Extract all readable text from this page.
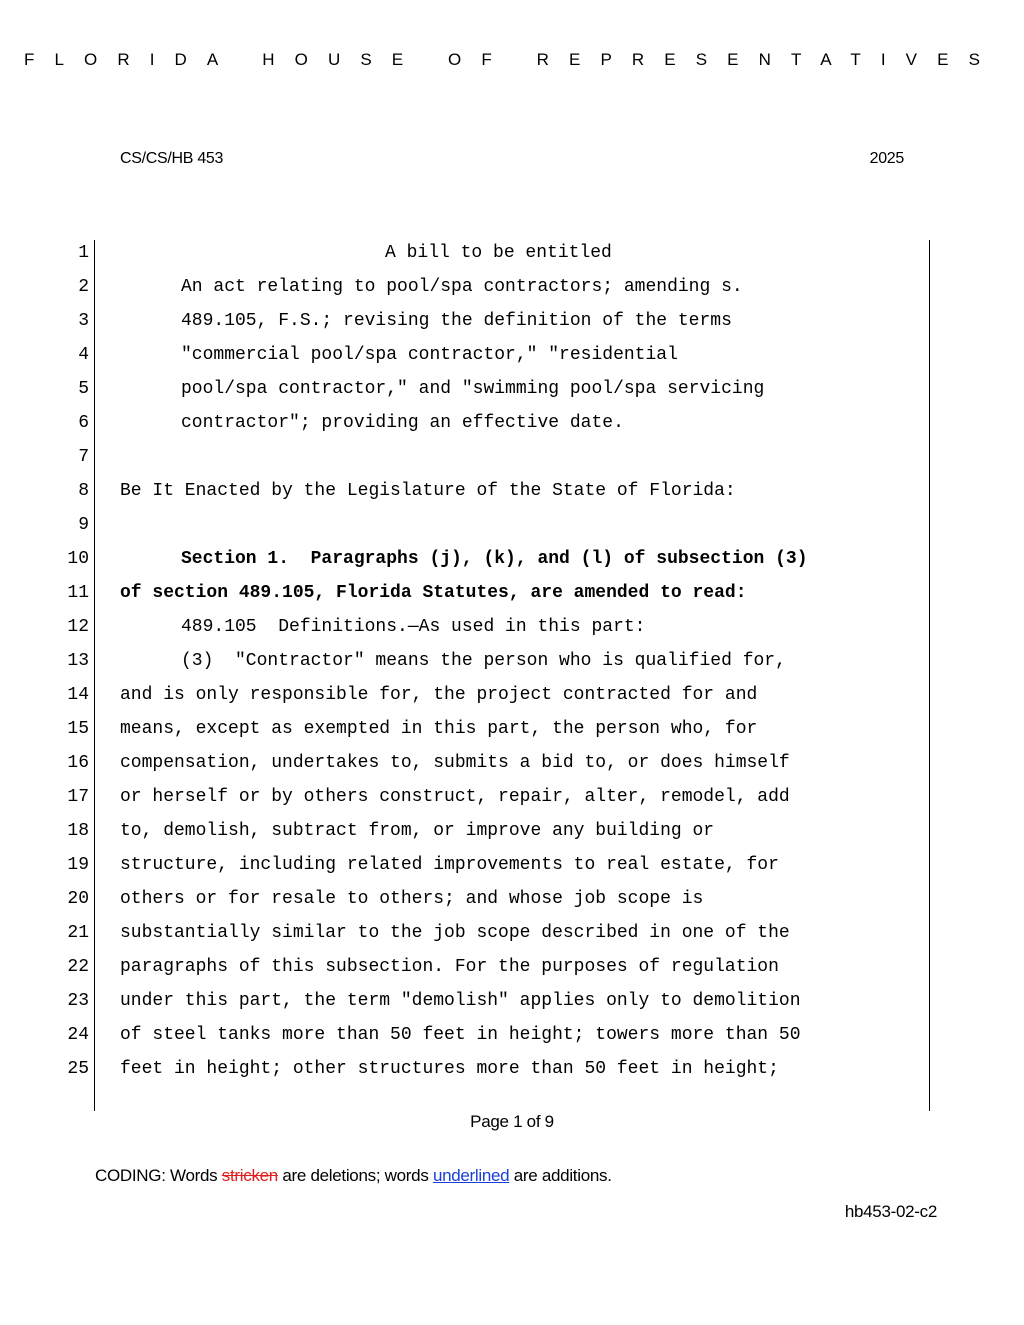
FLORIDA HOUSE OF REPRESENTATIVES
CS/CS/HB 453	2025
1	A bill to be entitled
2	An act relating to pool/spa contractors; amending s.
3	489.105, F.S.; revising the definition of the terms
4	"commercial pool/spa contractor," "residential
5	pool/spa contractor," and "swimming pool/spa servicing
6	contractor"; providing an effective date.
7
8 Be It Enacted by the Legislature of the State of Florida:
9
10	Section 1.  Paragraphs (j), (k), and (l) of subsection (3)
11 of section 489.105, Florida Statutes, are amended to read:
12	489.105  Definitions.—As used in this part:
13	(3)  "Contractor" means the person who is qualified for,
14 and is only responsible for, the project contracted for and
15 means, except as exempted in this part, the person who, for
16 compensation, undertakes to, submits a bid to, or does himself
17 or herself or by others construct, repair, alter, remodel, add
18 to, demolish, subtract from, or improve any building or
19 structure, including related improvements to real estate, for
20 others or for resale to others; and whose job scope is
21 substantially similar to the job scope described in one of the
22 paragraphs of this subsection. For the purposes of regulation
23 under this part, the term "demolish" applies only to demolition
24 of steel tanks more than 50 feet in height; towers more than 50
25 feet in height; other structures more than 50 feet in height;
Page 1 of 9
CODING: Words stricken are deletions; words underlined are additions.
hb453-02-c2
